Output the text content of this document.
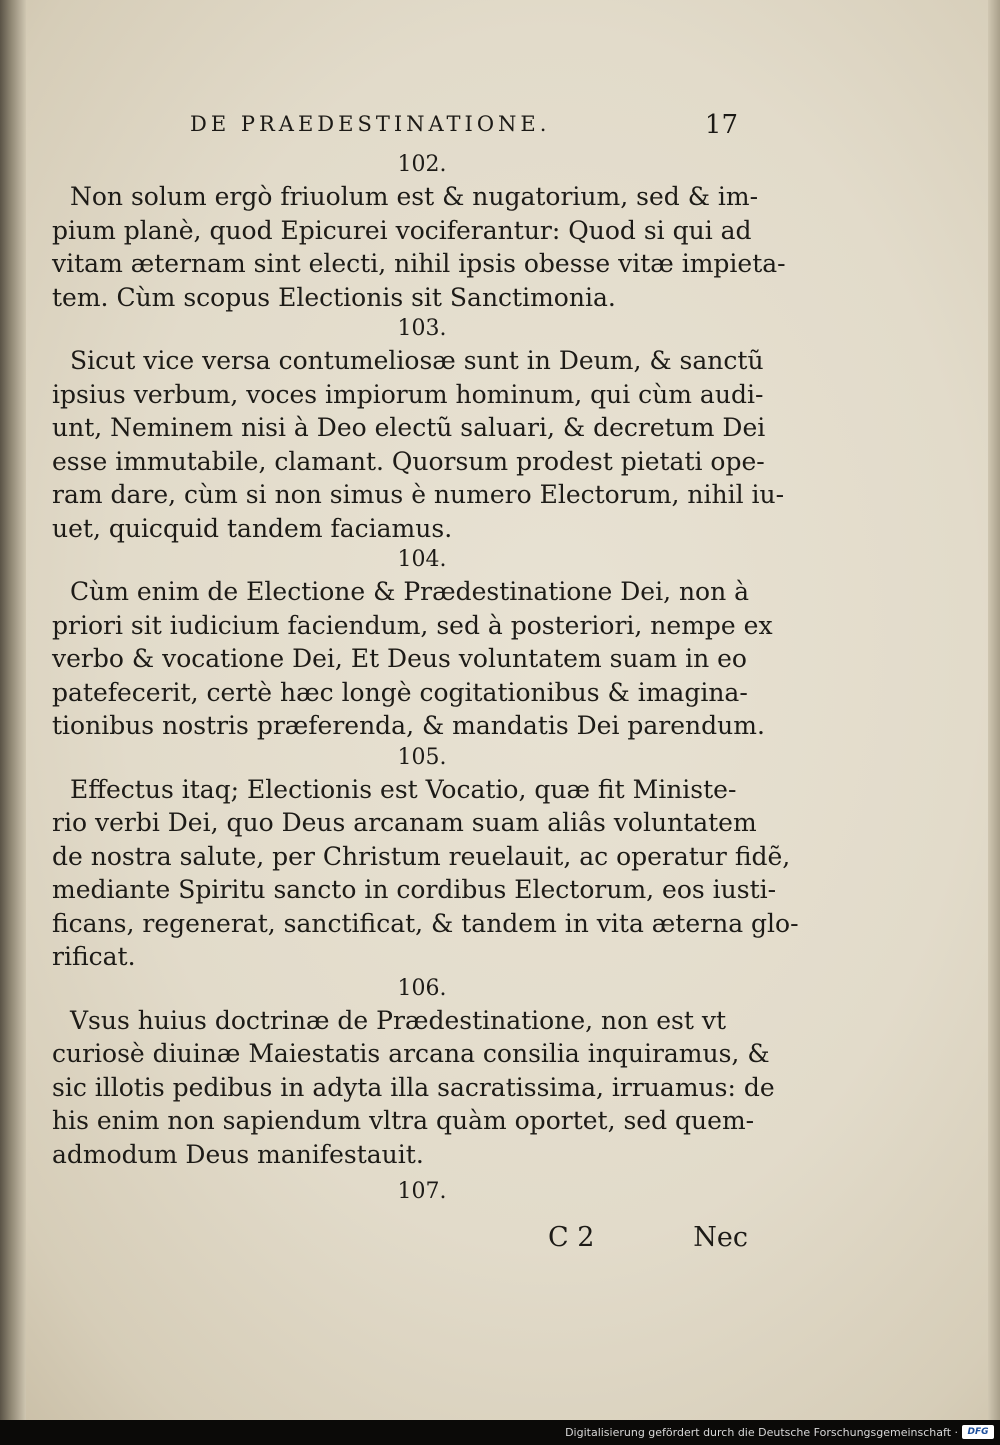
DE PRAEDESTINATIONE.	17
102.
Non solum ergò friuolum est & nugatorium, sed & im-
pium planè, quod Epicurei vociferantur: Quod si qui ad
vitam æternam sint electi, nihil ipsis obesse vitæ impieta-
tem. Cùm scopus Electionis sit Sanctimonia.
103.
Sicut vice versa contumeliosæ sunt in Deum, & sanctũ
ipsius verbum, voces impiorum hominum, qui cùm audi-
unt, Neminem nisi à Deo electũ saluari, & decretum Dei
esse immutabile, clamant. Quorsum prodest pietati ope-
ram dare, cùm si non simus è numero Electorum, nihil iu-
uet, quicquid tandem faciamus.
104.
Cùm enim de Electione & Prædestinatione Dei, non à
priori sit iudicium faciendum, sed à posteriori, nempe ex
verbo & vocatione Dei, Et Deus voluntatem suam in eo
patefecerit, certè hæc longè cogitationibus & imagina-
tionibus nostris præferenda, & mandatis Dei parendum.
105.
Effectus itaq; Electionis est Vocatio, quæ fit Ministe-
rio verbi Dei, quo Deus arcanam suam aliâs voluntatem
de nostra salute, per Christum reuelauit, ac operatur fidẽ,
mediante Spiritu sancto in cordibus Electorum, eos iusti-
ficans, regenerat, sanctificat, & tandem in vita æterna glo-
rificat.
106.
Vsus huius doctrinæ de Prædestinatione, non est vt
curiosè diuinæ Maiestatis arcana consilia inquiramus, &
sic illotis pedibus in adyta illa sacratissima, irruamus: de
his enim non sapiendum vltra quàm oportet, sed quem-
admodum Deus manifestauit.
107.
C 2	Nec
Digitalisierung gefördert durch die Deutsche Forschungsgemeinschaft ·	DFG
